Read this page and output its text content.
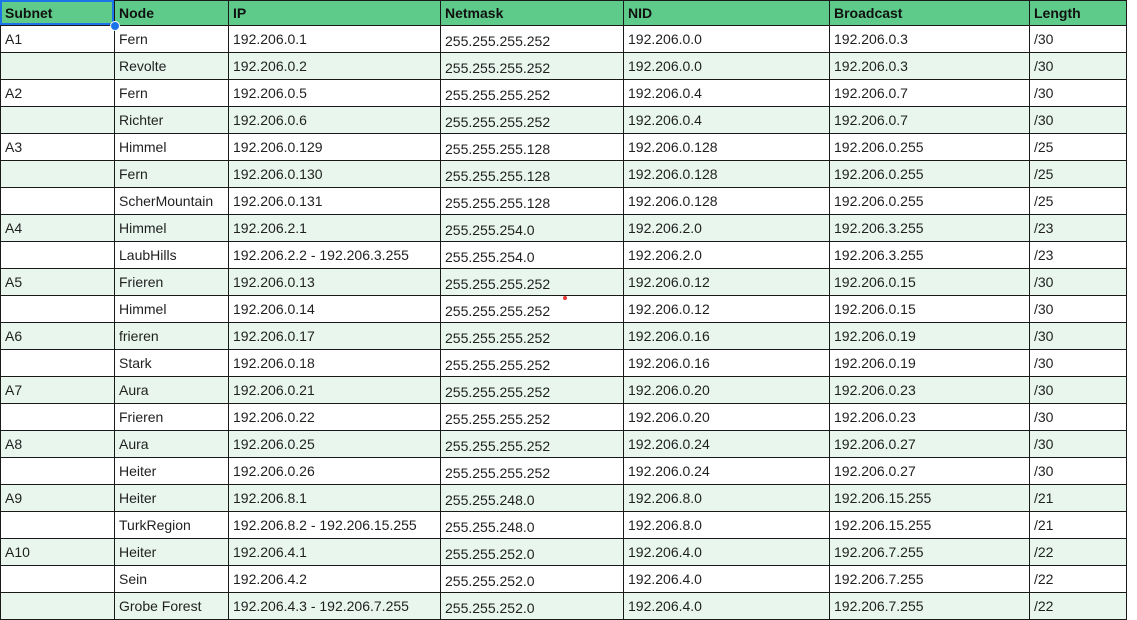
Subnet	Node	IP	Netmask	NID	Broadcast	Length
A1	Fern	192.206.0.1	255.255.255.252	192.206.0.0	192.206.0.3	/30
	Revolte	192.206.0.2	255.255.255.252	192.206.0.0	192.206.0.3	/30
A2	Fern	192.206.0.5	255.255.255.252	192.206.0.4	192.206.0.7	/30
	Richter	192.206.0.6	255.255.255.252	192.206.0.4	192.206.0.7	/30
A3	Himmel	192.206.0.129	255.255.255.128	192.206.0.128	192.206.0.255	/25
	Fern	192.206.0.130	255.255.255.128	192.206.0.128	192.206.0.255	/25
	ScherMountain	192.206.0.131	255.255.255.128	192.206.0.128	192.206.0.255	/25
A4	Himmel	192.206.2.1	255.255.254.0	192.206.2.0	192.206.3.255	/23
	LaubHills	192.206.2.2 - 192.206.3.255	255.255.254.0	192.206.2.0	192.206.3.255	/23
A5	Frieren	192.206.0.13	255.255.255.252	192.206.0.12	192.206.0.15	/30
	Himmel	192.206.0.14	255.255.255.252	192.206.0.12	192.206.0.15	/30
A6	frieren	192.206.0.17	255.255.255.252	192.206.0.16	192.206.0.19	/30
	Stark	192.206.0.18	255.255.255.252	192.206.0.16	192.206.0.19	/30
A7	Aura	192.206.0.21	255.255.255.252	192.206.0.20	192.206.0.23	/30
	Frieren	192.206.0.22	255.255.255.252	192.206.0.20	192.206.0.23	/30
A8	Aura	192.206.0.25	255.255.255.252	192.206.0.24	192.206.0.27	/30
	Heiter	192.206.0.26	255.255.255.252	192.206.0.24	192.206.0.27	/30
A9	Heiter	192.206.8.1	255.255.248.0	192.206.8.0	192.206.15.255	/21
	TurkRegion	192.206.8.2 - 192.206.15.255	255.255.248.0	192.206.8.0	192.206.15.255	/21
A10	Heiter	192.206.4.1	255.255.252.0	192.206.4.0	192.206.7.255	/22
	Sein	192.206.4.2	255.255.252.0	192.206.4.0	192.206.7.255	/22
	Grobe Forest	192.206.4.3 - 192.206.7.255	255.255.252.0	192.206.4.0	192.206.7.255	/22
